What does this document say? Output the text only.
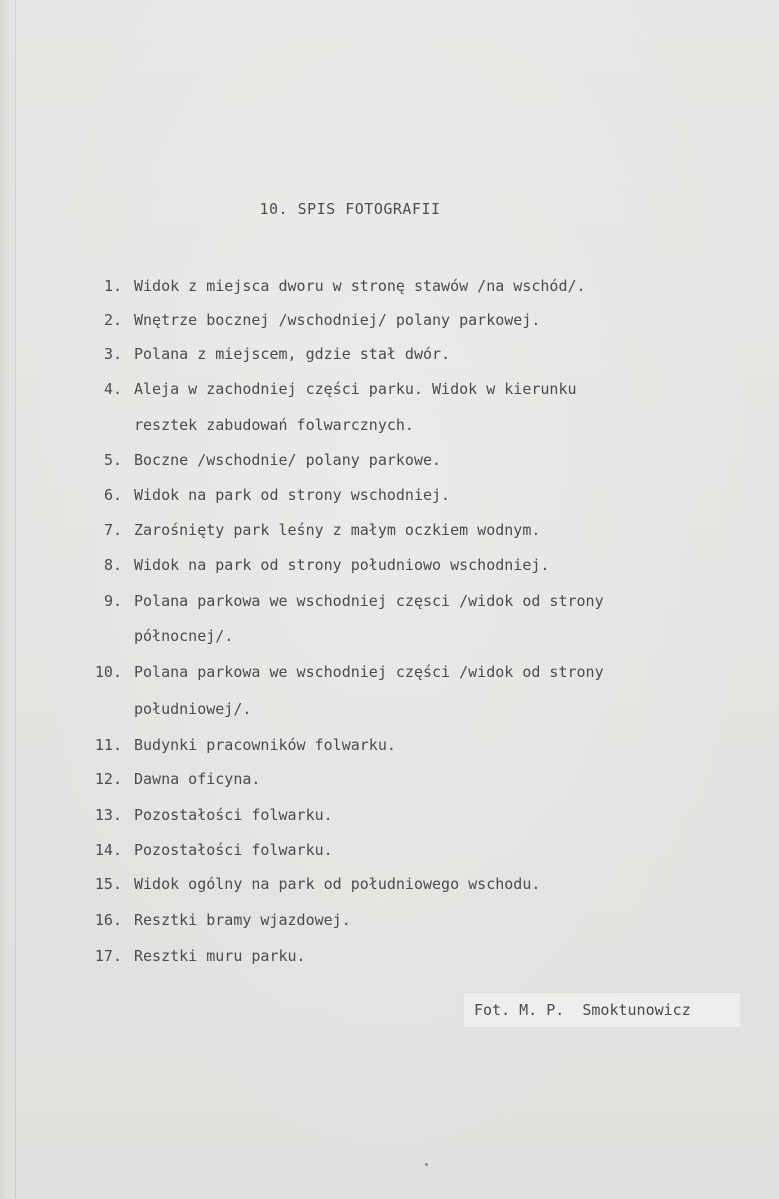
10. SPIS FOTOGRAFII
1. Widok z miejsca dworu w stronę stawów /na wschód/.
2. Wnętrze bocznej /wschodniej/ polany parkowej.
3. Polana z miejscem, gdzie stał dwór.
4. Aleja w zachodniej części parku. Widok w kierunku
resztek zabudowań folwarcznych.
5. Boczne /wschodnie/ polany parkowe.
6. Widok na park od strony wschodniej.
7. Zarośnięty park leśny z małym oczkiem wodnym.
8. Widok na park od strony południowo wschodniej.
9. Polana parkowa we wschodniej częsci /widok od strony
północnej/.
10. Polana parkowa we wschodniej części /widok od strony
południowej/.
11. Budynki pracowników folwarku.
12. Dawna oficyna.
13. Pozostałości folwarku.
14. Pozostałości folwarku.
15. Widok ogólny na park od południowego wschodu.
16. Resztki bramy wjazdowej.
17. Resztki muru parku.
Fot. M. P.  Smoktunowicz
